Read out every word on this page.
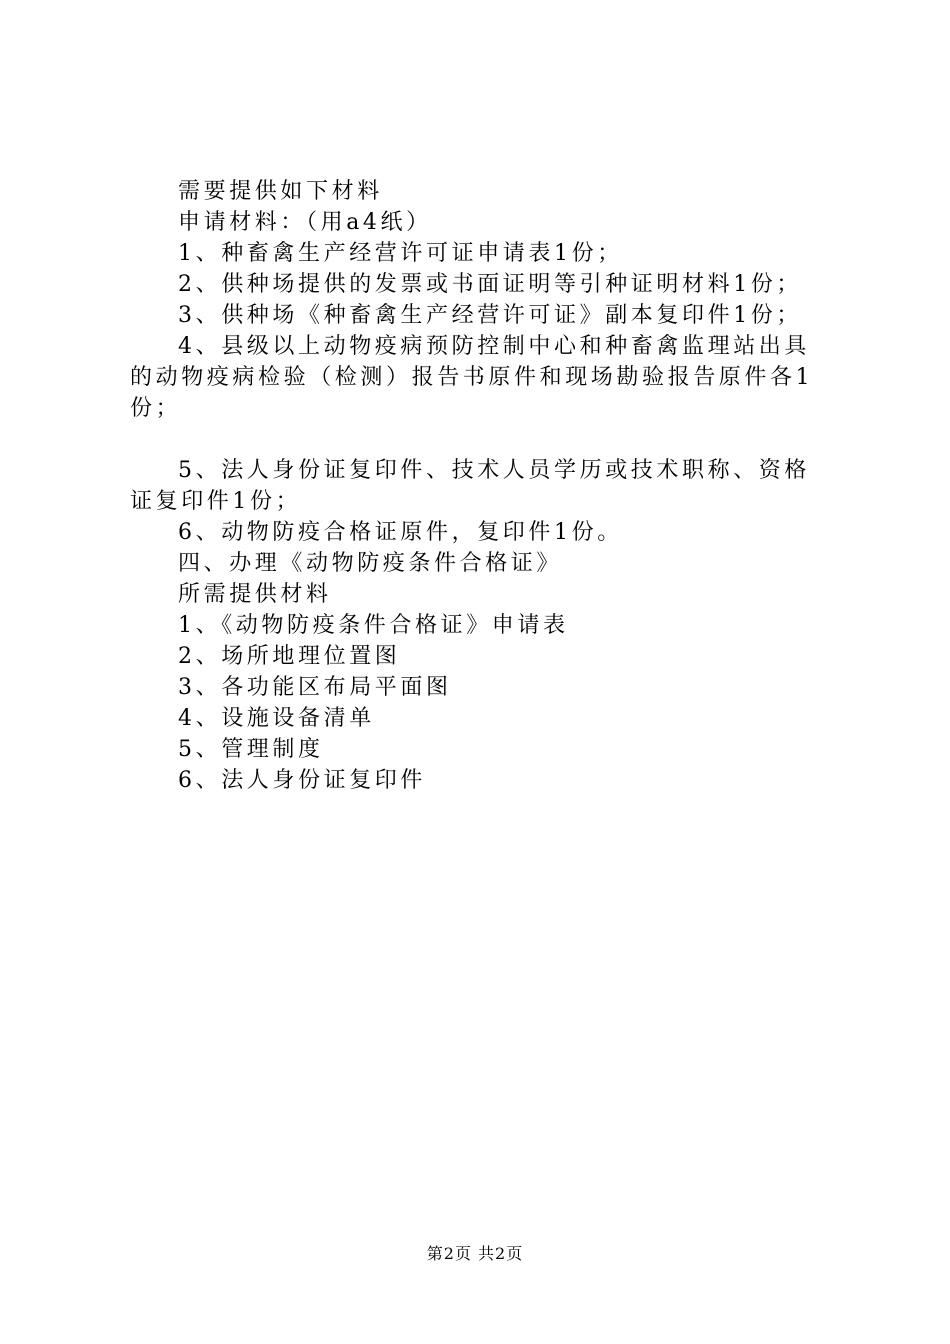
需要提供如下材料
申请材料：（用a4纸）
1、种畜禽生产经营许可证申请表1份；
2、供种场提供的发票或书面证明等引种证明材料1份；
3、供种场《种畜禽生产经营许可证》副本复印件1份；
4、县级以上动物疫病预防控制中心和种畜禽监理站出具的动物疫病检验（检测）报告书原件和现场勘验报告原件各1份；
5、法人身份证复印件、技术人员学历或技术职称、资格证复印件1份；
6、动物防疫合格证原件，复印件1份。
四、办理《动物防疫条件合格证》
所需提供材料
1、《动物防疫条件合格证》申请表
2、场所地理位置图
3、各功能区布局平面图
4、设施设备清单
5、管理制度
6、法人身份证复印件
第2页 共2页
